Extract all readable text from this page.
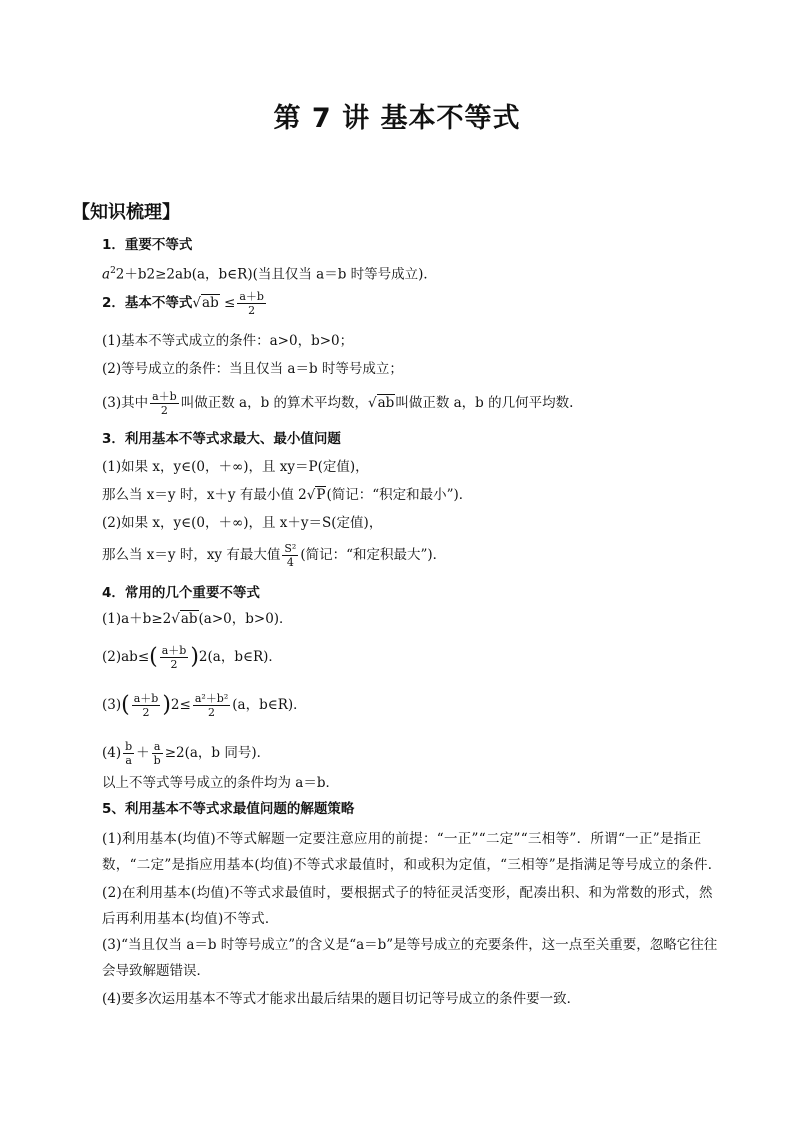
第 7 讲 基本不等式
【知识梳理】
1．重要不等式
$a^22+b2\ge 2ab(a$，b∈R)(当且仅当 a＝b 时等号成立)．
2．基本不等式$√ab \le \frac{a+b}{2}$
(1)基本不等式成立的条件：a>0，b>0；
(2)等号成立的条件：当且仅当 a＝b 时等号成立；
(3)其中 $\frac{a+b}{2}$ 叫做正数 a，b 的算术平均数，√ab叫做正数 a，b 的几何平均数.
3．利用基本不等式求最大、最小值问题
(1)如果 x，y∈(0，＋∞)，且 xy＝P(定值)，
那么当 x＝y 时，x＋y 有最小值 2√P(简记：“积定和最小”)．
(2)如果 x，y∈(0，＋∞)，且 x＋y＝S(定值)，
那么当 x＝y 时，xy 有最大值 $\frac{\text{S²}}{4}$ (简记：“和定积最大”)．
4．常用的几个重要不等式
(1)a＋b≥2√ab(a>0，b>0)．
$(2)ab\le( \frac{a+b}{2} )2(a$，b∈R)．
$(3)( \frac{a+b}{2} )2\le \frac{\text{a²＋b²}}{2} (a$，b∈R)．
$(4) \frac{b}{a} + \frac{a}{b} \ge 2(a$，b 同号)．
以上不等式等号成立的条件均为 a＝b．
5、利用基本不等式求最值问题的解题策略
(1)利用基本(均值)不等式解题一定要注意应用的前提：“一正”“二定”“三相等”．所谓“一正”是指正数，“二定”是指应用基本(均值)不等式求最值时，和或积为定值，“三相等”是指满足等号成立的条件．
(2)在利用基本(均值)不等式求最值时，要根据式子的特征灵活变形，配凑出积、和为常数的形式，然后再利用基本(均值)不等式．
(3)“当且仅当 a＝b 时等号成立”的含义是“a＝b”是等号成立的充要条件，这一点至关重要，忽略它往往会导致解题错误．
(4)要多次运用基本不等式才能求出最后结果的题目切记等号成立的条件要一致．
